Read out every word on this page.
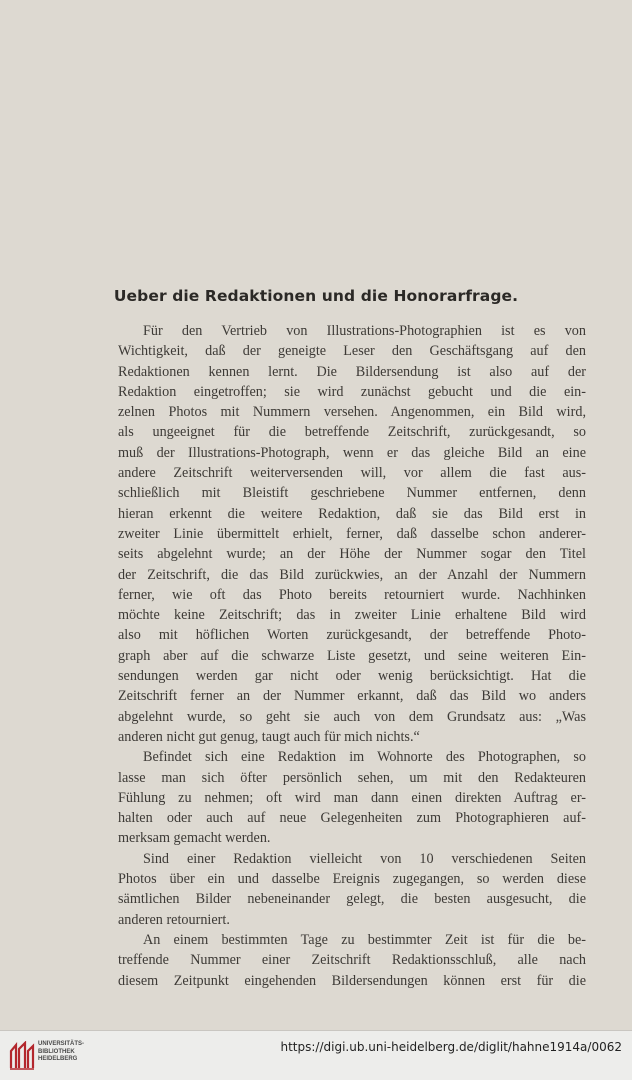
Ueber die Redaktionen und die Honorarfrage.
Für den Vertrieb von Illustrations-Photographien ist es von
Wichtigkeit, daß der geneigte Leser den Geschäftsgang auf den
Redaktionen kennen lernt. Die Bildersendung ist also auf der
Redaktion eingetroffen; sie wird zunächst gebucht und die ein-
zelnen Photos mit Nummern versehen. Angenommen, ein Bild wird,
als ungeeignet für die betreffende Zeitschrift, zurückgesandt, so
muß der Illustrations-Photograph, wenn er das gleiche Bild an eine
andere Zeitschrift weiterversenden will, vor allem die fast aus-
schließlich mit Bleistift geschriebene Nummer entfernen, denn
hieran erkennt die weitere Redaktion, daß sie das Bild erst in
zweiter Linie übermittelt erhielt, ferner, daß dasselbe schon anderer-
seits abgelehnt wurde; an der Höhe der Nummer sogar den Titel
der Zeitschrift, die das Bild zurückwies, an der Anzahl der Nummern
ferner, wie oft das Photo bereits retourniert wurde. Nachhinken
möchte keine Zeitschrift; das in zweiter Linie erhaltene Bild wird
also mit höflichen Worten zurückgesandt, der betreffende Photo-
graph aber auf die schwarze Liste gesetzt, und seine weiteren Ein-
sendungen werden gar nicht oder wenig berücksichtigt. Hat die
Zeitschrift ferner an der Nummer erkannt, daß das Bild wo anders
abgelehnt wurde, so geht sie auch von dem Grundsatz aus: „Was
anderen nicht gut genug, taugt auch für mich nichts.“
Befindet sich eine Redaktion im Wohnorte des Photographen, so
lasse man sich öfter persönlich sehen, um mit den Redakteuren
Fühlung zu nehmen; oft wird man dann einen direkten Auftrag er-
halten oder auch auf neue Gelegenheiten zum Photographieren auf-
merksam gemacht werden.
Sind einer Redaktion vielleicht von 10 verschiedenen Seiten
Photos über ein und dasselbe Ereignis zugegangen, so werden diese
sämtlichen Bilder nebeneinander gelegt, die besten ausgesucht, die
anderen retourniert.
An einem bestimmten Tage zu bestimmter Zeit ist für die be-
treffende Nummer einer Zeitschrift Redaktionsschluß, alle nach
diesem Zeitpunkt eingehenden Bildersendungen können erst für die
UNIVERSITÄTS-
BIBLIOTHEK
HEIDELBERG
https://digi.ub.uni-heidelberg.de/diglit/hahne1914a/0062
